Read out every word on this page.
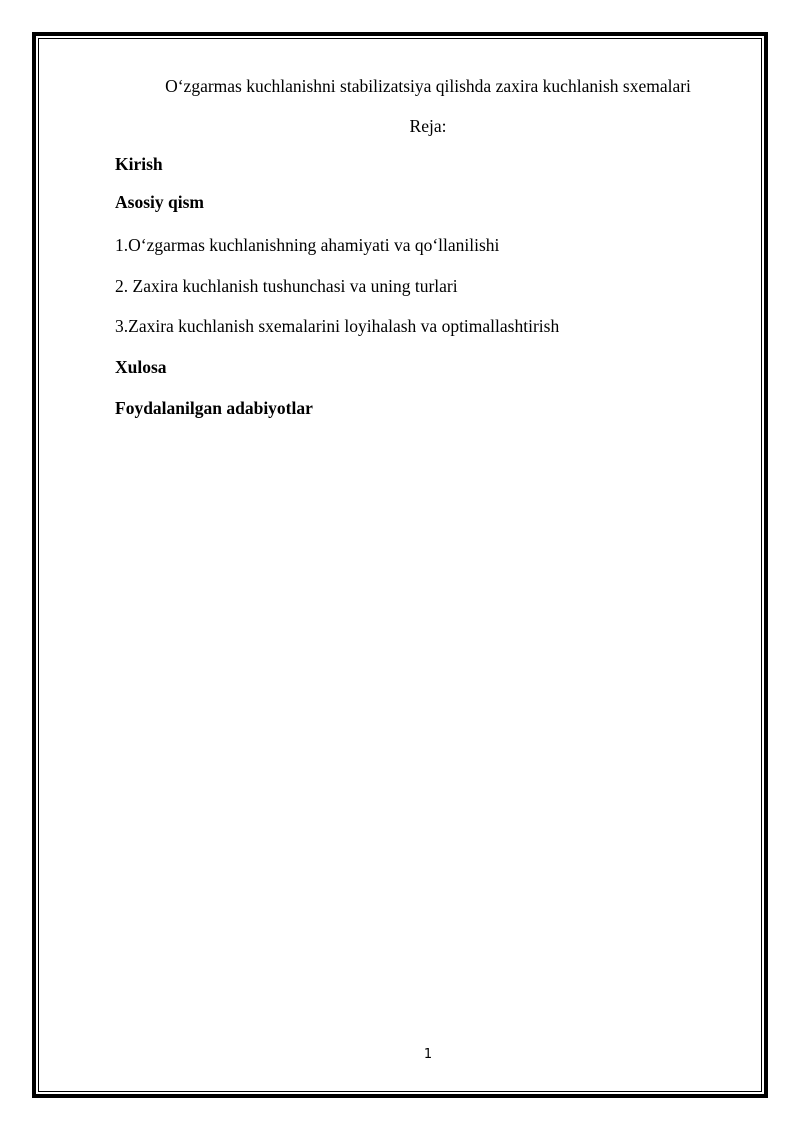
O‘zgarmas kuchlanishni stabilizatsiya qilishda zaxira kuchlanish sxemalari
Reja:
Kirish
Asosiy qism
1.O‘zgarmas kuchlanishning ahamiyati va qo‘llanilishi
2. Zaxira kuchlanish tushunchasi va uning turlari
3.Zaxira kuchlanish sxemalarini loyihalash va optimallashtirish
Xulosa
Foydalanilgan adabiyotlar
1
